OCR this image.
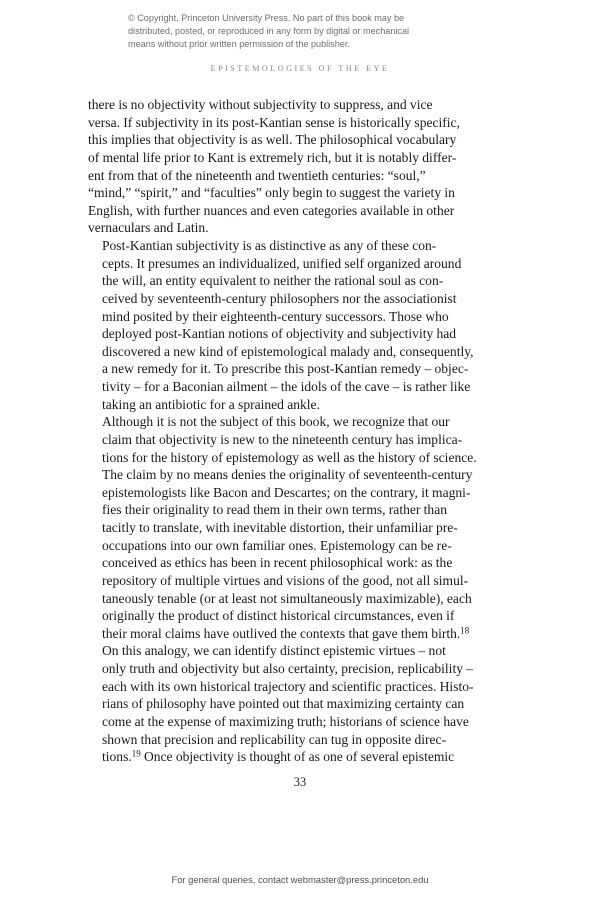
© Copyright, Princeton University Press. No part of this book may be
distributed, posted, or reproduced in any form by digital or mechanical
means without prior written permission of the publisher.
EPISTEMOLOGIES OF THE EYE

there is no objectivity without subjectivity to suppress, and vice
versa. If subjectivity in its post-Kantian sense is historically specific,
this implies that objectivity is as well. The philosophical vocabulary
of mental life prior to Kant is extremely rich, but it is notably differ-
ent from that of the nineteenth and twentieth centuries: “soul,”
“mind,” “spirit,” and “faculties” only begin to suggest the variety in
English, with further nuances and even categories available in other
vernaculars and Latin.

Post-Kantian subjectivity is as distinctive as any of these con-
cepts. It presumes an individualized, unified self organized around
the will, an entity equivalent to neither the rational soul as con-
ceived by seventeenth-century philosophers nor the associationist
mind posited by their eighteenth-century successors. Those who
deployed post-Kantian notions of objectivity and subjectivity had
discovered a new kind of epistemological malady and, consequently,
a new remedy for it. To prescribe this post-Kantian remedy – objec-
tivity – for a Baconian ailment – the idols of the cave – is rather like
taking an antibiotic for a sprained ankle.

Although it is not the subject of this book, we recognize that our
claim that objectivity is new to the nineteenth century has implica-
tions for the history of epistemology as well as the history of science.
The claim by no means denies the originality of seventeenth-century
epistemologists like Bacon and Descartes; on the contrary, it magni-
fies their originality to read them in their own terms, rather than
tacitly to translate, with inevitable distortion, their unfamiliar pre-
occupations into our own familiar ones. Epistemology can be re-
conceived as ethics has been in recent philosophical work: as the
repository of multiple virtues and visions of the good, not all simul-
taneously tenable (or at least not simultaneously maximizable), each
originally the product of distinct historical circumstances, even if
their moral claims have outlived the contexts that gave them birth.$^{18}$

On this analogy, we can identify distinct epistemic virtues – not
only truth and objectivity but also certainty, precision, replicability –
each with its own historical trajectory and scientific practices. Histo-
rians of philosophy have pointed out that maximizing certainty can
come at the expense of maximizing truth; historians of science have
shown that precision and replicability can tug in opposite direc-
tions.$^{19}$ Once objectivity is thought of as one of several epistemic

33
For general queries, contact webmaster@press.princeton.edu
